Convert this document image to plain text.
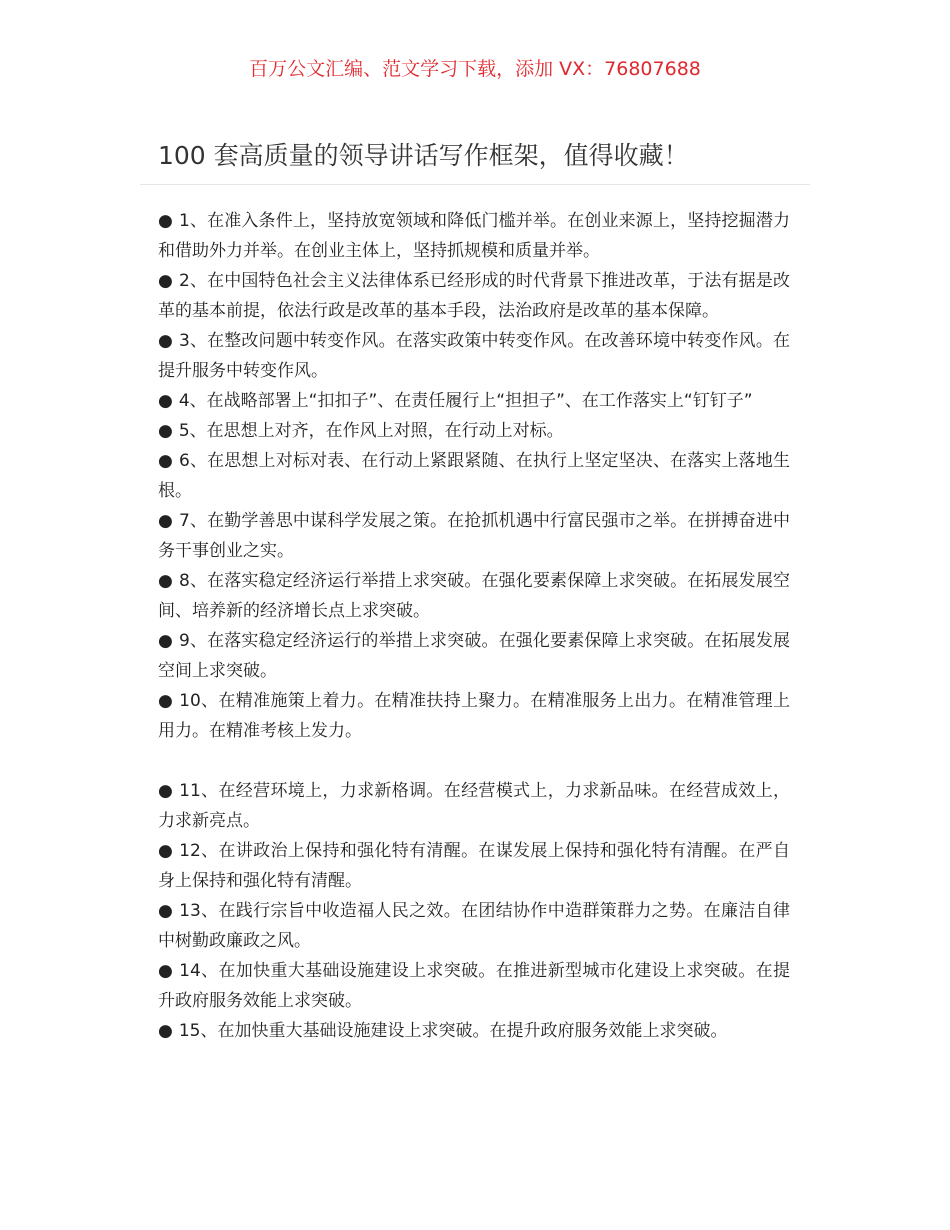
百万公文汇编、范文学习下载，添加 VX：76807688
100 套高质量的领导讲话写作框架，值得收藏！

● 1、在准入条件上，坚持放宽领域和降低门槛并举。在创业来源上，坚持挖掘潜力和借助外力并举。在创业主体上，坚持抓规模和质量并举。

● 2、在中国特色社会主义法律体系已经形成的时代背景下推进改革，于法有据是改革的基本前提，依法行政是改革的基本手段，法治政府是改革的基本保障。

● 3、在整改问题中转变作风。在落实政策中转变作风。在改善环境中转变作风。在提升服务中转变作风。

● 4、在战略部署上“扣扣子”、在责任履行上“担担子”、在工作落实上“钉钉子”

● 5、在思想上对齐，在作风上对照，在行动上对标。

● 6、在思想上对标对表、在行动上紧跟紧随、在执行上坚定坚决、在落实上落地生根。

● 7、在勤学善思中谋科学发展之策。在抢抓机遇中行富民强市之举。在拼搏奋进中务干事创业之实。

● 8、在落实稳定经济运行举措上求突破。在强化要素保障上求突破。在拓展发展空间、培养新的经济增长点上求突破。

● 9、在落实稳定经济运行的举措上求突破。在强化要素保障上求突破。在拓展发展空间上求突破。

● 10、在精准施策上着力。在精准扶持上聚力。在精准服务上出力。在精准管理上用力。在精准考核上发力。

● 11、在经营环境上，力求新格调。在经营模式上，力求新品味。在经营成效上，力求新亮点。

● 12、在讲政治上保持和强化特有清醒。在谋发展上保持和强化特有清醒。在严自身上保持和强化特有清醒。

● 13、在践行宗旨中收造福人民之效。在团结协作中造群策群力之势。在廉洁自律中树勤政廉政之风。

● 14、在加快重大基础设施建设上求突破。在推进新型城市化建设上求突破。在提升政府服务效能上求突破。

● 15、在加快重大基础设施建设上求突破。在提升政府服务效能上求突破。
